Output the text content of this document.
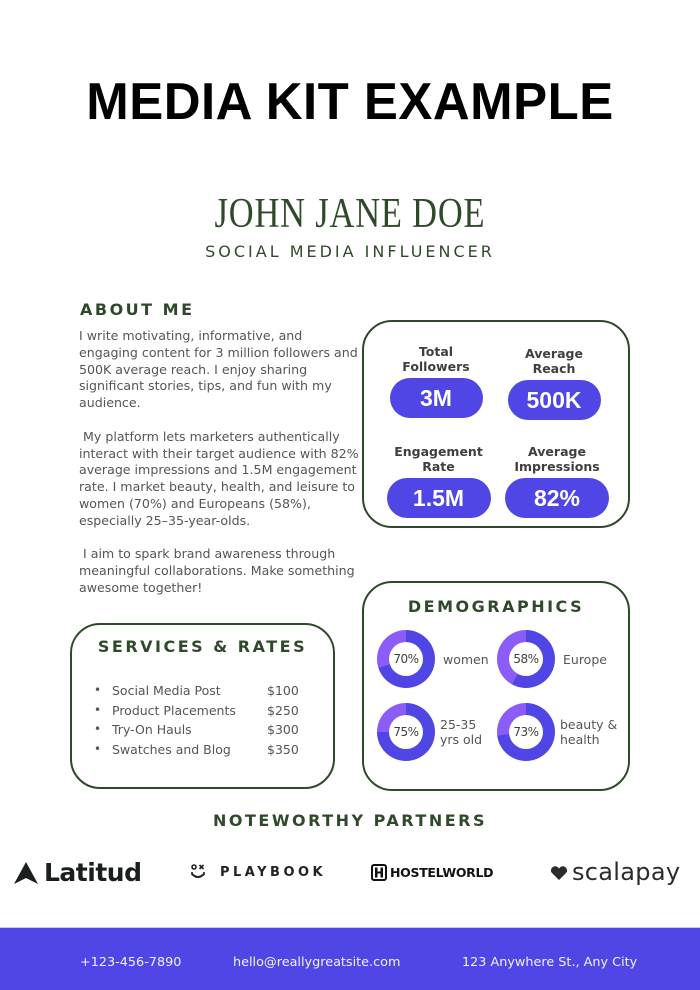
MEDIA KIT EXAMPLE
JOHN JANE DOE
SOCIAL MEDIA INFLUENCER
ABOUT ME

I write motivating, informative, and engaging content for 3 million followers and 500K average reach. I enjoy sharing significant stories, tips, and fun with my audience.

My platform lets marketers authentically interact with their target audience with 82% average impressions and 1.5M engagement rate. I market beauty, health, and leisure to women (70%) and Europeans (58%), especially 25–35-year-olds.

I aim to spark brand awareness through meaningful collaborations. Make something awesome together!

Total Followers
3M
Average Reach
500K
Engagement Rate
1.5M
Average Impressions
82%
DEMOGRAPHICS
70%	women	58%	Europe
75%	25-35 yrs old	73%	beauty & health
SERVICES & RATES
• Social Media Post	$100
• Product Placements	$250
• Try-On Hauls	$300
• Swatches and Blog	$350
NOTEWORTHY PARTNERS
Latitud	PLAYBOOK	HOSTELWORLD	scalapay
+123-456-7890	hello@reallygreatsite.com	123 Anywhere St., Any City
